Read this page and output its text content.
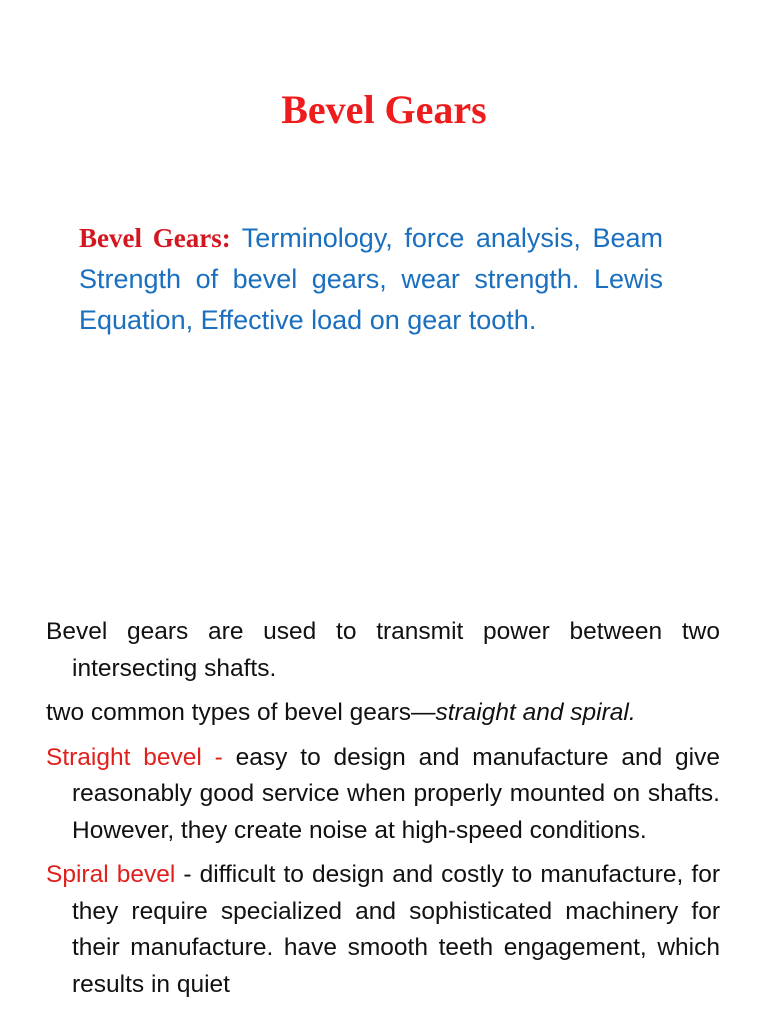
Bevel Gears

Bevel Gears: Terminology, force analysis, Beam Strength of bevel gears, wear strength. Lewis Equation, Effective load on gear tooth.

Bevel gears are used to transmit power between two intersecting shafts.

two common types of bevel gears—straight and spiral.

Straight bevel - easy to design and manufacture and give reasonably good service when properly mounted on shafts. However, they create noise at high-speed conditions.

Spiral bevel - difficult to design and costly to manufacture, for they require specialized and sophisticated machinery for their manufacture. have smooth teeth engagement, which results in quiet
